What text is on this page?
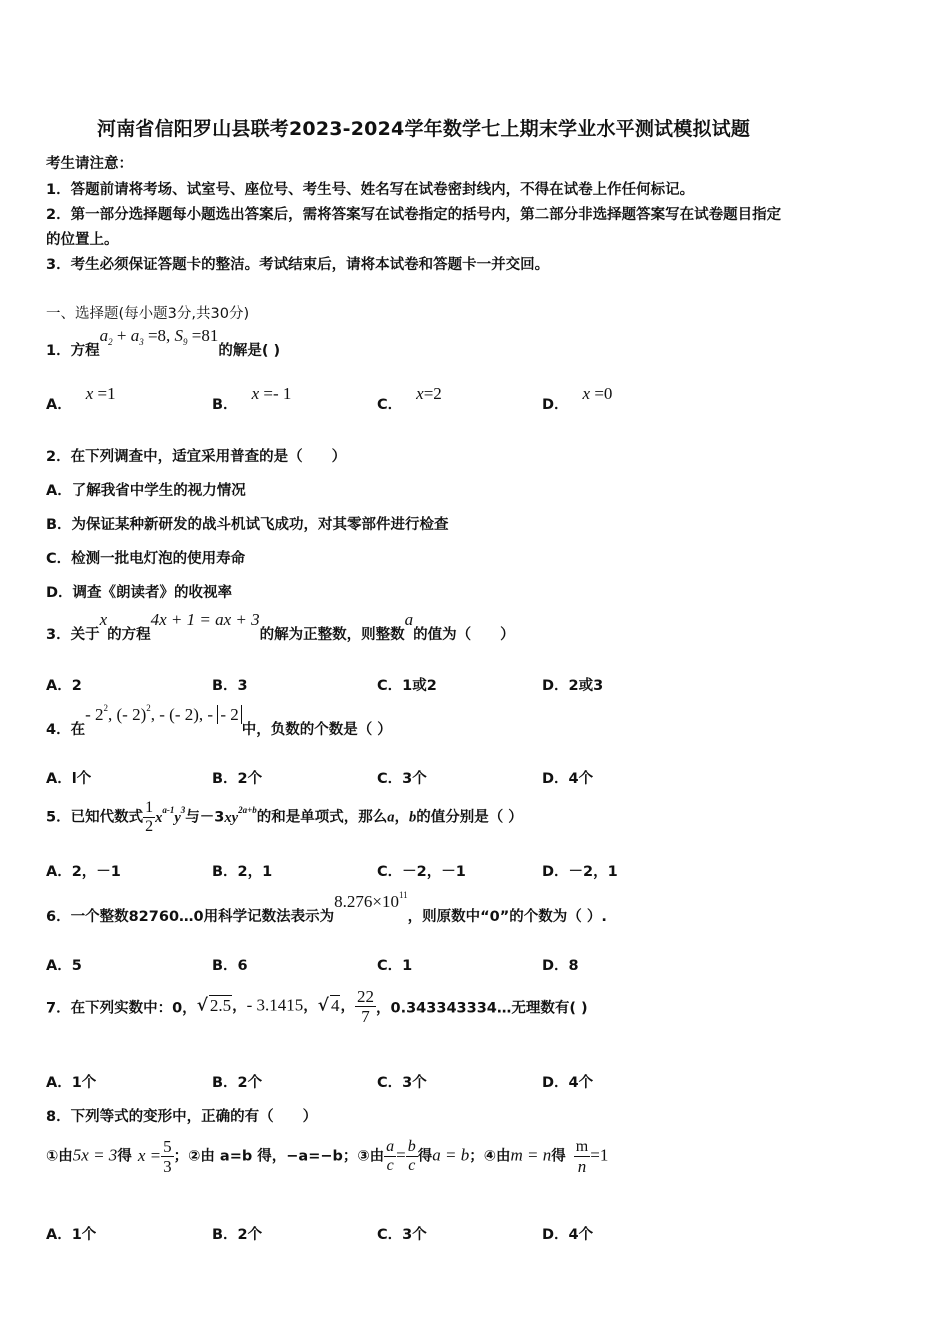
河南省信阳罗山县联考2023-2024学年数学七上期末学业水平测试模拟试题
考生请注意：
1．答题前请将考场、试室号、座位号、考生号、姓名写在试卷密封线内，不得在试卷上作任何标记。
2．第一部分选择题每小题选出答案后，需将答案写在试卷指定的括号内，第二部分非选择题答案写在试卷题目指定
的位置上。
3．考生必须保证答题卡的整洁。考试结束后，请将本试卷和答题卡一并交回。
一、选择题(每小题3分,共30分)
1．方程$a_2 + a_3 =8$, $S_9 =81$的解是( )
A．x =1
B．x =- 1
C．x=2
D．x =0
2．在下列调查中，适宜采用普查的是（　　）
A．了解我省中学生的视力情况
B．为保证某种新研发的战斗机试飞成功，对其零部件进行检查
C．检测一批电灯泡的使用寿命
D．调查《朗读者》的收视率
3．关于x的方程4x + 1 = ax + 3的解为正整数，则整数a的值为（　　）
A．2	B．3	C．1或2	D．2或3
4．在- $2^2$, (- 2)$^2$, - (- 2), - - 2中，负数的个数是（ ）
A．l个	B．2个	C．3个	D．4个
5．已知代数式 $\frac{1}{2} x^{a-1}y^3$与$-3xy^{2a+b}$的和是单项式，那么a，b的值分别是（ ）
A．2，－1	B．2，1	C．－2，－1	D．－2，1
6．一个整数82760…0用科学记数法表示为$8.276\times 10^{11}$，则原数中“0”的个数为（ ）.
A．5	B．6	C．1	D．8
7．在下列实数中：0，√ 2.5，- 3.1415，√ 4， $\frac{22}{7}$ ，0.343343334…无理数有( )
A．1个	B．2个	C．3个	D．4个
8．下列等式的变形中，正确的有（　　）
①由5x = 3得 $x = \frac{5}{3}$ ；②由 a=b 得，−a=−b；③由 $\frac{a}{c} = \frac{b}{c}$ 得a = b；④由m = n得 $\frac{m}{n} =1$
A．1个	B．2个	C．3个	D．4个
